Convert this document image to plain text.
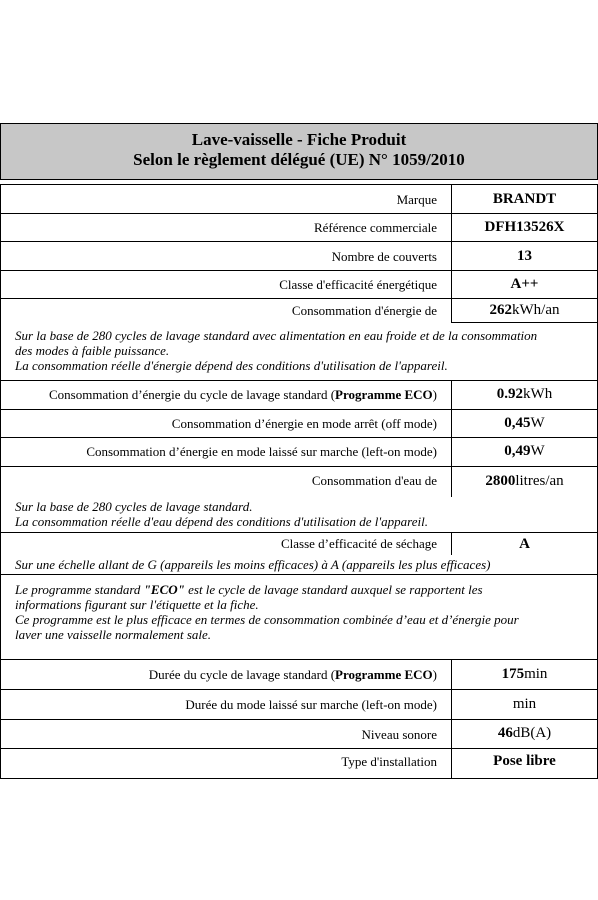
Lave-vaisselle - Fiche Produit
Selon le règlement délégué (UE) N° 1059/2010
Marque	BRANDT
Référence commerciale	DFH13526X
Nombre de couverts	13
Classe d'efficacité énergétique	A++
Consommation d'énergie de	262kWh/an
Sur la base de 280 cycles de lavage standard avec alimentation en eau froide et de la consommation
des modes à faible puissance.
La consommation réelle d'énergie dépend des conditions d'utilisation de l'appareil.
Consommation d’énergie du cycle de lavage standard (Programme ECO)	0.92kWh
Consommation d’énergie en mode arrêt (off mode)	0,45W
Consommation d’énergie en mode laissé sur marche (left-on mode)	0,49W
Consommation d'eau de	2800litres/an
Sur la base de 280 cycles de lavage standard.
La consommation réelle d'eau dépend des conditions d'utilisation de l'appareil.
Classe d’efficacité de séchage	A
Sur une échelle allant de G (appareils les moins efficaces) à A (appareils les plus efficaces)
Le programme standard "ECO" est le cycle de lavage standard auxquel se rapportent les
informations figurant sur l'étiquette et la fiche.
Ce programme est le plus efficace en termes de consommation combinée d’eau et d’énergie pour
laver une vaisselle normalement sale.
Durée du cycle de lavage standard (Programme ECO)	175min
Durée du mode laissé sur marche (left-on mode)	min
Niveau sonore	46dB(A)
Type d'installation	Pose libre
